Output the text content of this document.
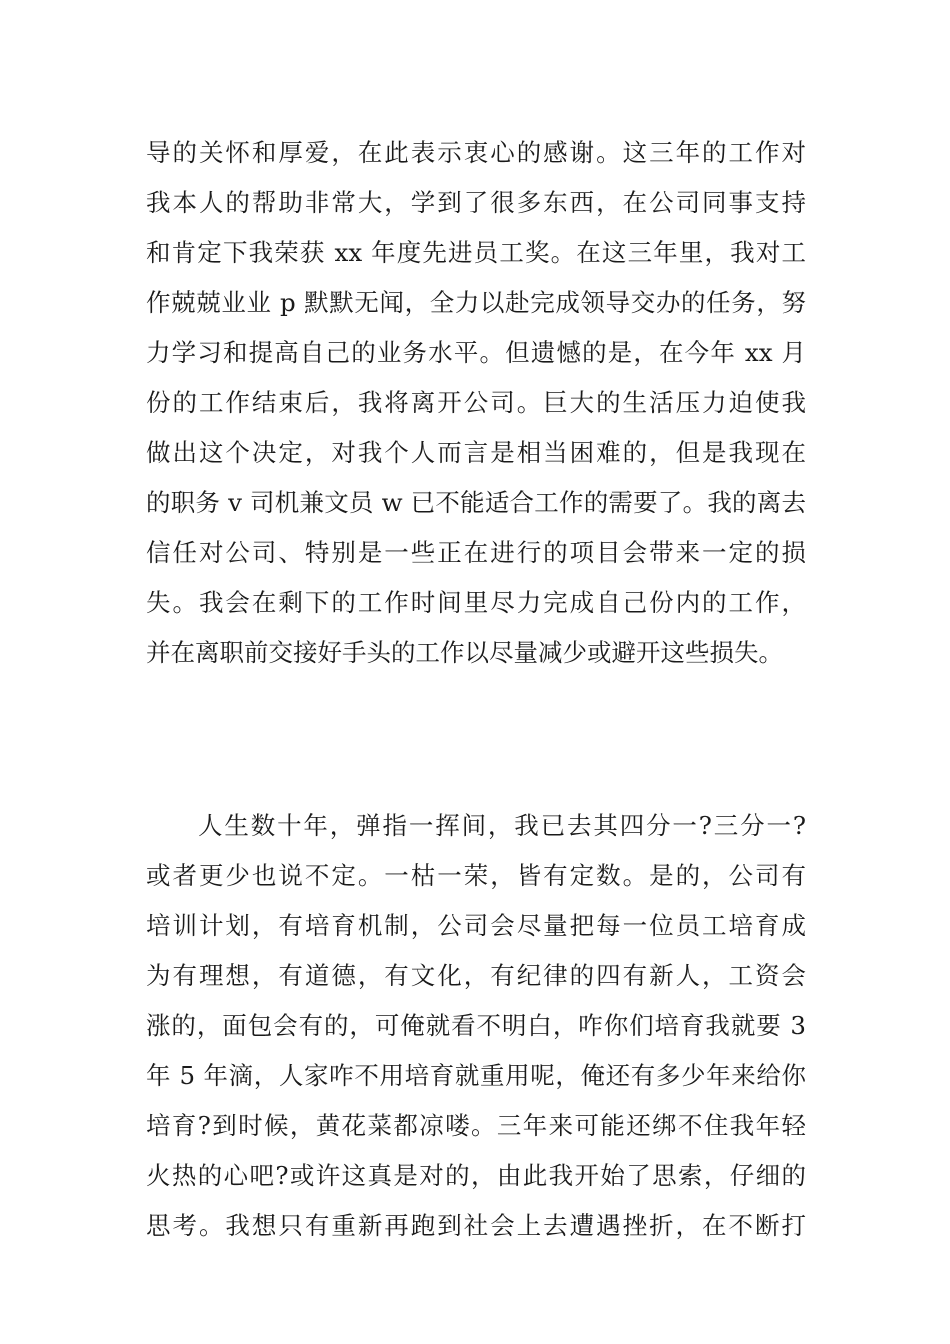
导的关怀和厚爱，在此表示衷心的感谢。这三年的工作对
我本人的帮助非常大，学到了很多东西，在公司同事支持
和肯定下我荣获 xx 年度先进员工奖。在这三年里，我对工
作兢兢业业 p 默默无闻，全力以赴完成领导交办的任务，努
力学习和提高自己的业务水平。但遗憾的是，在今年 xx 月
份的工作结束后，我将离开公司。巨大的生活压力迫使我
做出这个决定，对我个人而言是相当困难的，但是我现在
的职务 v 司机兼文员 w 已不能适合工作的需要了。我的离去
信任对公司、特别是一些正在进行的项目会带来一定的损
失。我会在剩下的工作时间里尽力完成自己份内的工作，
并在离职前交接好手头的工作以尽量减少或避开这些损失。

人生数十年，弹指一挥间，我已去其四分一?三分一?
或者更少也说不定。一枯一荣，皆有定数。是的，公司有
培训计划，有培育机制，公司会尽量把每一位员工培育成
为有理想，有道德，有文化，有纪律的四有新人，工资会
涨的，面包会有的，可俺就看不明白，咋你们培育我就要 3
年 5 年滴，人家咋不用培育就重用呢，俺还有多少年来给你
培育?到时候，黄花菜都凉喽。三年来可能还绑不住我年轻
火热的心吧?或许这真是对的，由此我开始了思索，仔细的
思考。我想只有重新再跑到社会上去遭遇挫折，在不断打
